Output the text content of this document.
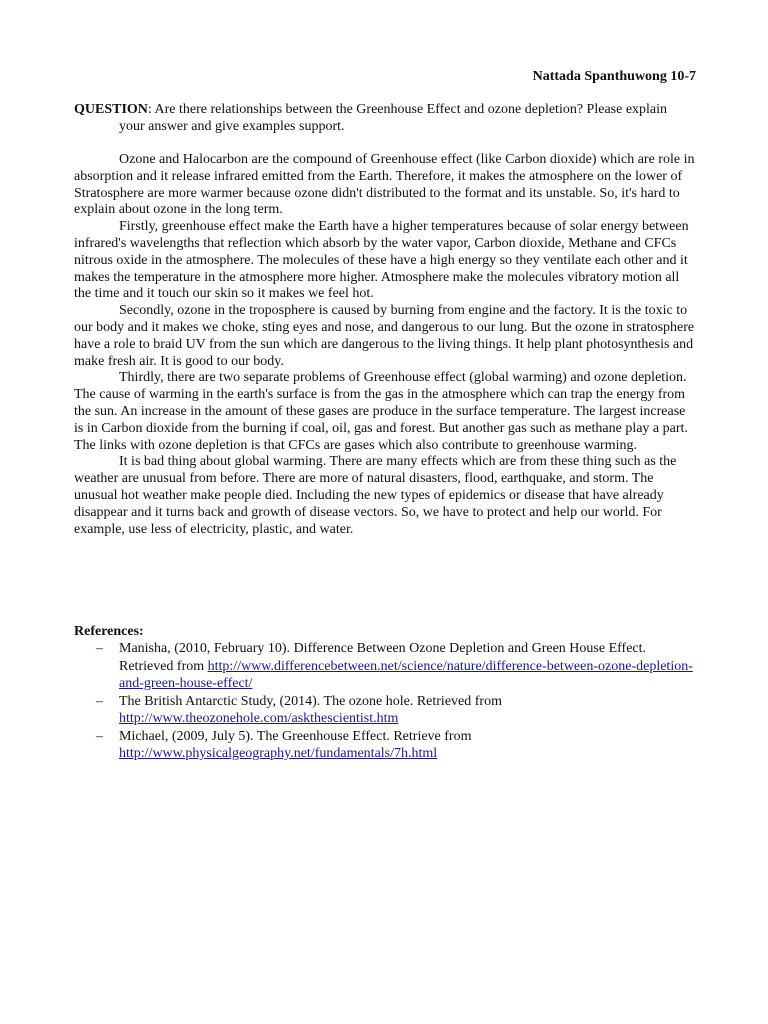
Nattada Spanthuwong 10-7
QUESTION: Are there relationships between the Greenhouse Effect and ozone depletion? Please explain your answer and give examples support.

Ozone and Halocarbon are the compound of Greenhouse effect (like Carbon dioxide) which are role in absorption and it release infrared emitted from the Earth. Therefore, it makes the atmosphere on the lower of Stratosphere are more warmer because ozone didn't distributed to the format and its unstable. So, it's hard to explain about ozone in the long term.

Firstly, greenhouse effect make the Earth have a higher temperatures because of solar energy between infrared's wavelengths that reflection which absorb by the water vapor, Carbon dioxide, Methane and CFCs nitrous oxide in the atmosphere. The molecules of these have a high energy so they ventilate each other and it makes the temperature in the atmosphere more higher. Atmosphere make the molecules vibratory motion all the time and it touch our skin so it makes we feel hot.

Secondly, ozone in the troposphere is caused by burning from engine and the factory. It is the toxic to our body and it makes we choke, sting eyes and nose, and dangerous to our lung. But the ozone in stratosphere have a role to braid UV from the sun which are dangerous to the living things. It help plant photosynthesis and make fresh air. It is good to our body.

Thirdly, there are two separate problems of Greenhouse effect (global warming) and ozone depletion. The cause of warming in the earth's surface is from the gas in the atmosphere which can trap the energy from the sun. An increase in the amount of these gases are produce in the surface temperature. The largest increase is in Carbon dioxide from the burning if coal, oil, gas and forest. But another gas such as methane play a part. The links with ozone depletion is that CFCs are gases which also contribute to greenhouse warming.

It is bad thing about global warming. There are many effects which are from these thing such as the weather are unusual from before. There are more of natural disasters, flood, earthquake, and storm. The unusual hot weather make people died. Including the new types of epidemics or disease that have already disappear and it turns back and growth of disease vectors. So, we have to protect and help our world. For example, use less of electricity, plastic, and water.

References:
– Manisha, (2010, February 10). Difference Between Ozone Depletion and Green House Effect. Retrieved from http://www.differencebetween.net/science/nature/difference-between-ozone-depletion-and-green-house-effect/
– The British Antarctic Study, (2014). The ozone hole. Retrieved from http://www.theozonehole.com/askthescientist.htm
– Michael, (2009, July 5). The Greenhouse Effect. Retrieve from http://www.physicalgeography.net/fundamentals/7h.html
